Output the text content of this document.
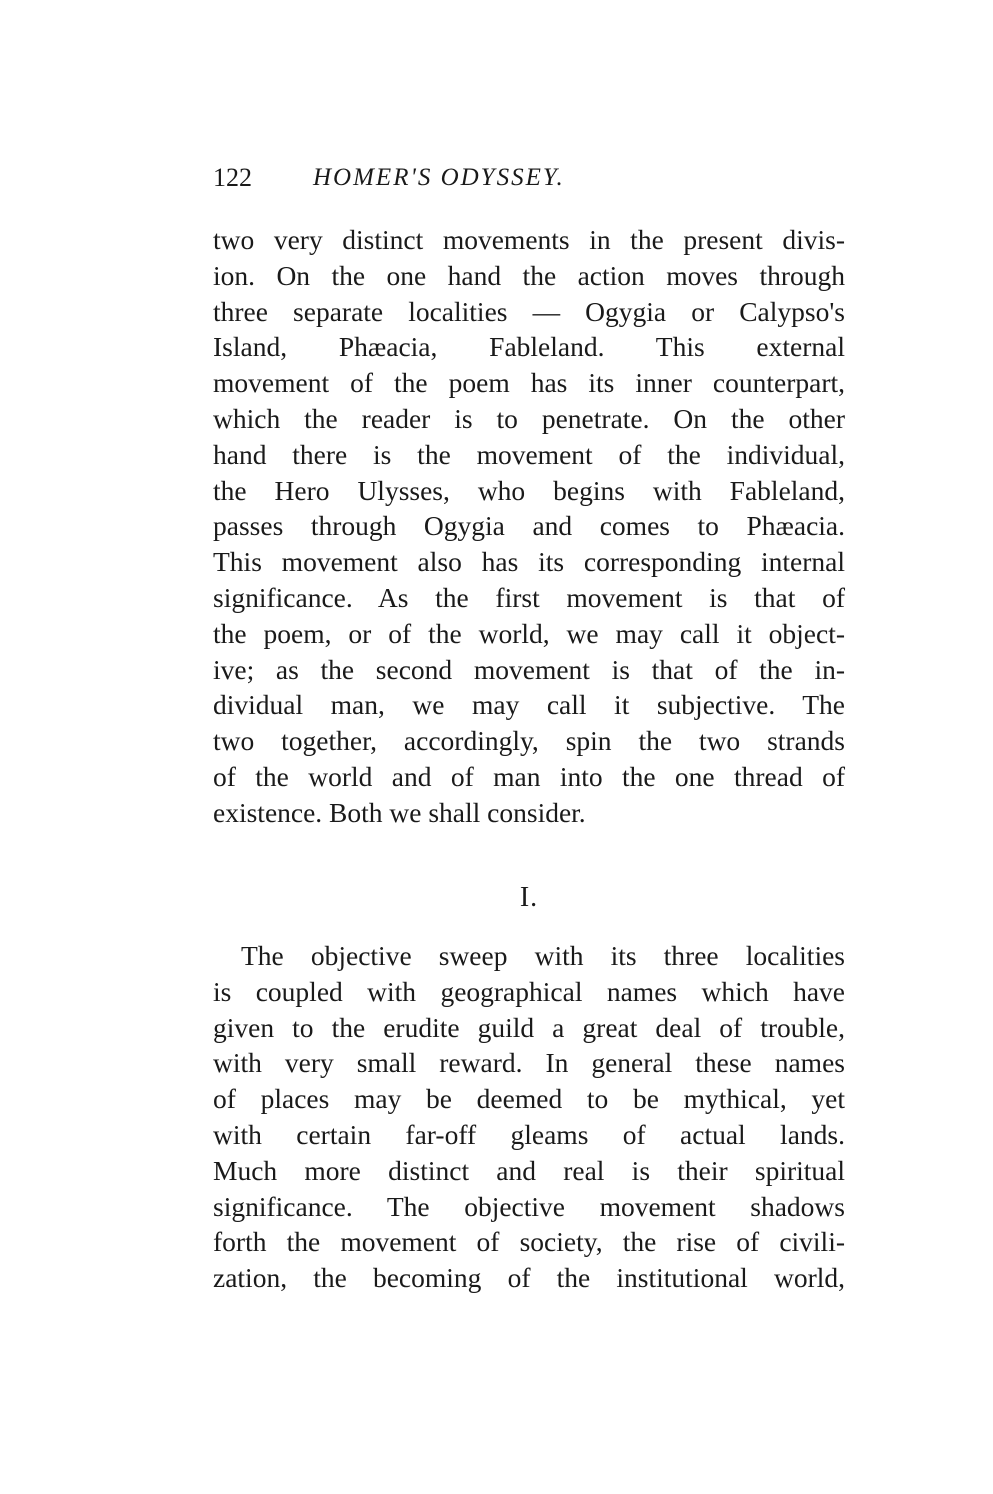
122 HOMER'S ODYSSEY.
two very distinct movements in the present divis-
ion. On the one hand the action moves through
three separate localities — Ogygia or Calypso's
Island, Phæacia, Fableland. This external
movement of the poem has its inner counterpart,
which the reader is to penetrate. On the other
hand there is the movement of the individual,
the Hero Ulysses, who begins with Fableland,
passes through Ogygia and comes to Phæacia.
This movement also has its corresponding internal
significance. As the first movement is that of
the poem, or of the world, we may call it object-
ive; as the second movement is that of the in-
dividual man, we may call it subjective. The
two together, accordingly, spin the two strands
of the world and of man into the one thread of
existence. Both we shall consider.
I.
The objective sweep with its three localities
is coupled with geographical names which have
given to the erudite guild a great deal of trouble,
with very small reward. In general these names
of places may be deemed to be mythical, yet
with certain far-off gleams of actual lands.
Much more distinct and real is their spiritual
significance. The objective movement shadows
forth the movement of society, the rise of civili-
zation, the becoming of the institutional world,
